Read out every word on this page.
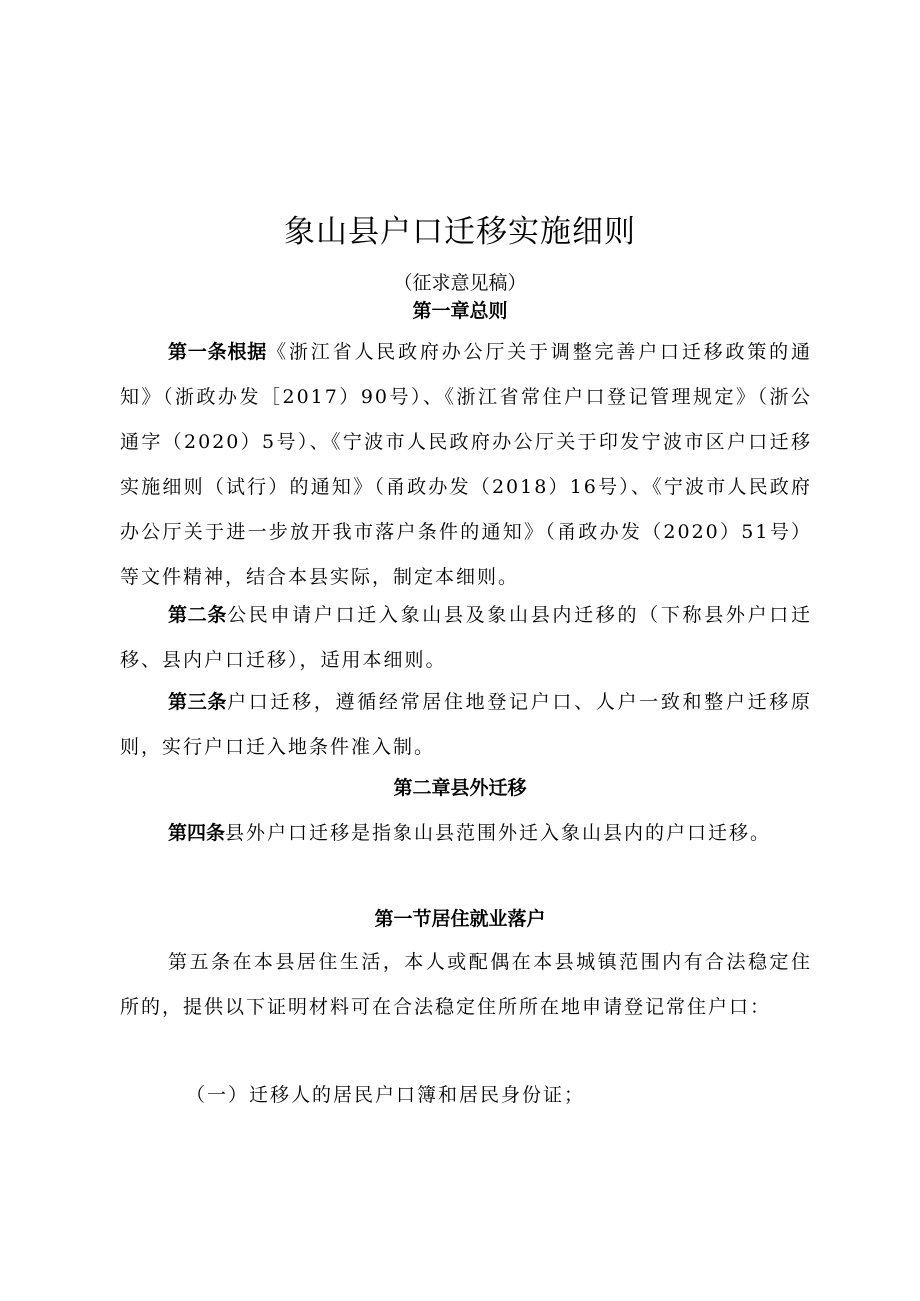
象山县户口迁移实施细则
（征求意见稿）
第一章总则

第一条根据《浙江省人民政府办公厅关于调整完善户口迁移政策的通知》（浙政办发［2017）90号）、《浙江省常住户口登记管理规定》（浙公通字（2020）5号）、《宁波市人民政府办公厅关于印发宁波市区户口迁移实施细则（试行）的通知》（甬政办发（2018）16号）、《宁波市人民政府办公厅关于进一步放开我市落户条件的通知》（甬政办发（2020）51号）等文件精神，结合本县实际，制定本细则。

第二条公民申请户口迁入象山县及象山县内迁移的（下称县外户口迁移、县内户口迁移），适用本细则。

第三条户口迁移，遵循经常居住地登记户口、人户一致和整户迁移原则，实行户口迁入地条件准入制。

第二章县外迁移

第四条县外户口迁移是指象山县范围外迁入象山县内的户口迁移。

第一节居住就业落户

第五条在本县居住生活，本人或配偶在本县城镇范围内有合法稳定住所的，提供以下证明材料可在合法稳定住所所在地申请登记常住户口：

（一）迁移人的居民户口簿和居民身份证；
